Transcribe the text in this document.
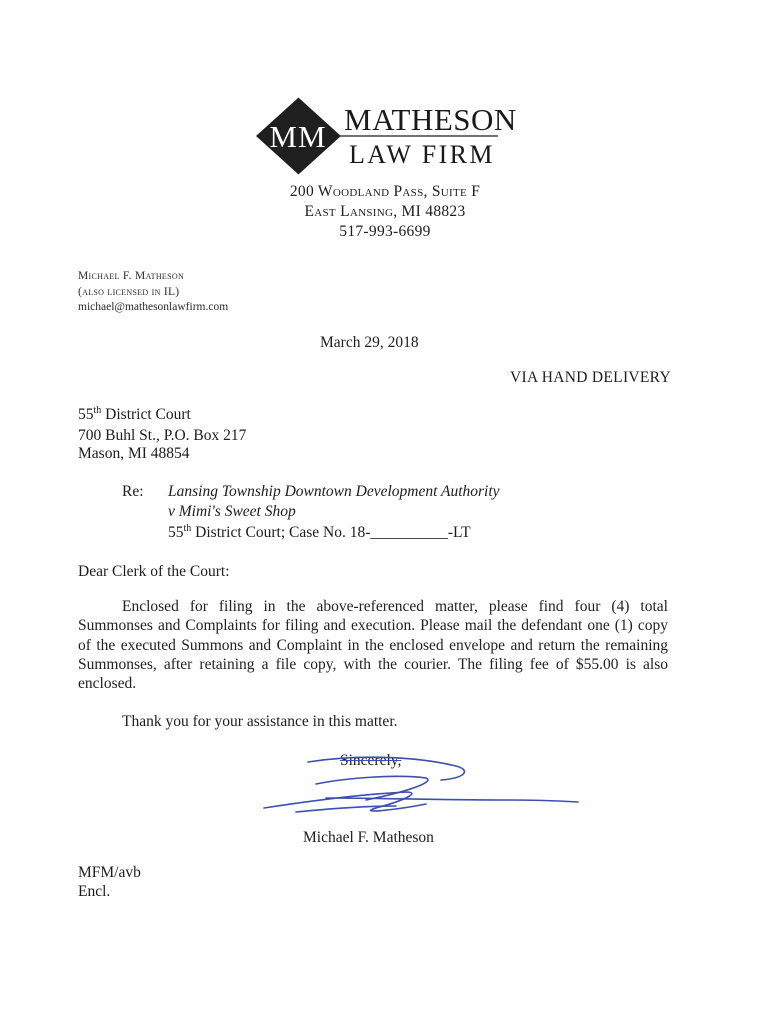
MM MATHESON
LAW FIRM
200 Woodland Pass, Suite F
East Lansing, MI 48823
517-993-6699
Michael F. Matheson
(also licensed in IL)
michael@mathesonlawfirm.com
March 29, 2018
VIA HAND DELIVERY
55th District Court
700 Buhl St., P.O. Box 217
Mason, MI 48854
Re: Lansing Township Downtown Development Authority
v Mimi's Sweet Shop
55th District Court; Case No. 18-__________-LT
Dear Clerk of the Court:
Enclosed for filing in the above-referenced matter, please find four (4) total Summonses and Complaints for filing and execution. Please mail the defendant one (1) copy of the executed Summons and Complaint in the enclosed envelope and return the remaining Summonses, after retaining a file copy, with the courier. The filing fee of $55.00 is also enclosed.
Thank you for your assistance in this matter.
Sincerely,
Michael F. Matheson
MFM/avb
Encl.
